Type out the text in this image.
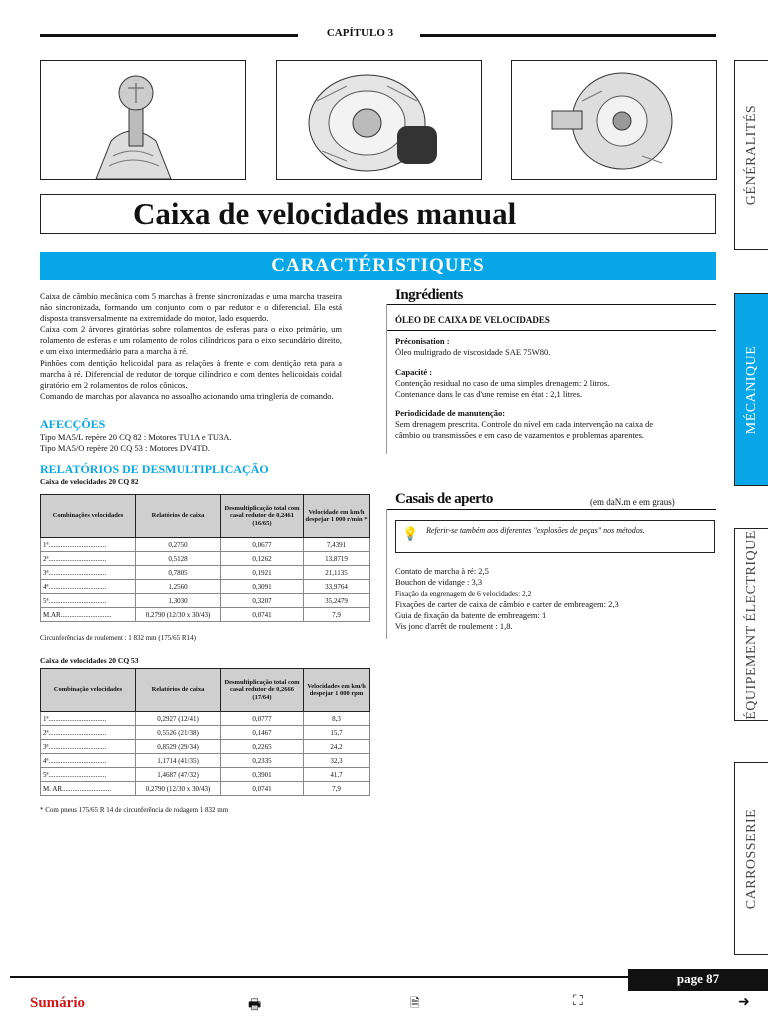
CAPÍTULO 3
Caixa de velocidades manual
CARACTÉRISTIQUES

Caixa de câmbio mecânica com 5 marchas à frente sincronizadas e uma marcha traseira não sincronizada, formando um conjunto com o par redutor e o diferencial. Ela está disposta transversalmente na extremidade do motor, lado esquerdo.

Caixa com 2 árvores giratórias sobre rolamentos de esferas para o eixo primário, um rolamento de esferas e um rolamento de rolos cilíndricos para o eixo secundário direito, e um eixo intermediário para a marcha à ré.

Pinhões com dentição helicoidal para as relações à frente e com dentição reta para a marcha à ré. Diferencial de redutor de torque cilíndrico e com dentes helicoidais coidal giratório em 2 rolamentos de rolos cônicos.

Comando de marchas por alavanca no assoalho acionando uma tringleria de comando.

AFECÇÕES
Tipo MA5/L repère 20 CQ 82 : Motores TU1A e TU3A.
Tipo MA5/O repère 20 CQ 53 : Motores DV4TD.
RELATÓRIOS DE DESMULTIPLICAÇÃO
Caixa de velocidades 20 CQ 82
Combinações velocidades	Relatórios de caixa	Desmultiplicação total com casal redutor de 0,2461 (16/65)	Velocidade em km/h despejar 1 000 r/min *
1ª.................................	0,2750	0,0677	7,4391
2ª.................................	0,5128	0,1262	13,8719
3ª.................................	0,7805	0,1921	21,1135
4ª.................................	1,2560	0,3091	33,9764
5ª.................................	1,3030	0,3207	35,2479
M.AR.............................	0,2790 (12/30 x 30/43)	0,0741	7,9
Circunferências de roulement : 1 832 mm (175/65 R14)
Caixa de velocidades 20 CQ 53
Combinação velocidades	Relatórios de caixa	Desmultiplicação total com casal redutor de 0,2666 (17/64)	Velocidades em km/h despejar 1 000 rpm
1ª.................................	0,2927 (12/41)	0,0777	8,3
2ª.................................	0,5526 (21/38)	0,1467	15,7
3ª.................................	0,8529 (29/34)	0,2265	24,2
4ª.................................	1,1714 (41/35)	0,2335	32,3
5ª.................................	1,4687 (47/32)	0,3901	41,7
M. AR............................	0,2790 (12/30 x 30/43)	0,0741	7,9
* Com pneus 175/65 R 14 de circunferência de rodagem 1 832 mm
Ingrédients
ÓLEO DE CAIXA DE VELOCIDADES
Préconisation :
Óleo multigrado de viscosidade SAE 75W80.
Capacité :
Contenção residual no caso de uma simples drenagem: 2 litros.
Contenance dans le cas d'une remise en état : 2,1 litres.
Periodicidade de manutenção:
Sem drenagem prescrita. Controle do nível em cada intervenção na caixa de câmbio ou transmissões e em caso de vazamentos e problemas aparentes.
Casais de aperto	(em daN.m e em graus)
💡 Referir-se também aos diferentes "explosões de peças" nos métodos.
Contato de marcha à ré: 2,5
Bouchon de vidange : 3,3
Fixação da engrenagem de 6 velocidades: 2,2
Fixações de carter de caixa de câmbio e carter de embreagem: 2,3
Guia de fixação da batente de embreagem: 1
Vis jonc d'arrêt de roulement : 1,8.
GÉNÉRALITÉS
MÉCANIQUE
ÉQUIPEMENT ÉLECTRIQUE
CARROSSERIE
page 87
Sumário	🖶	🗎	⛶	➜
